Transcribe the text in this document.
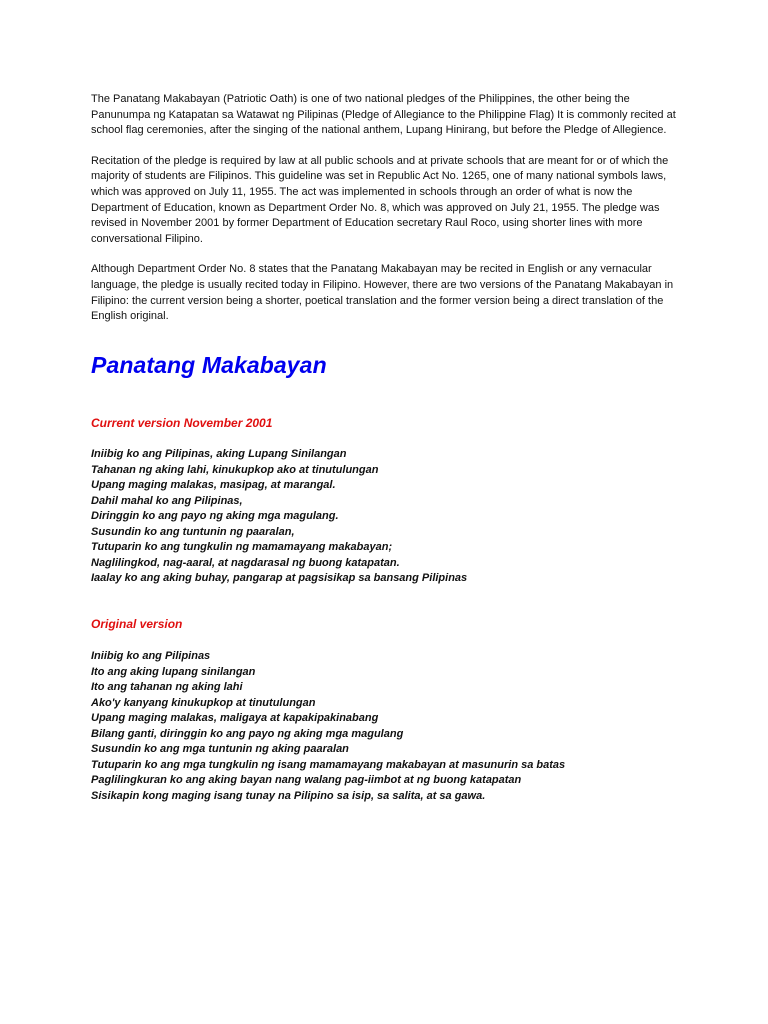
The Panatang Makabayan (Patriotic Oath) is one of two national pledges of the Philippines, the other being the Panunumpa ng Katapatan sa Watawat ng Pilipinas (Pledge of Allegiance to the Philippine Flag) It is commonly recited at school flag ceremonies, after the singing of the national anthem, Lupang Hinirang, but before the Pledge of Allegience.

Recitation of the pledge is required by law at all public schools and at private schools that are meant for or of which the majority of students are Filipinos. This guideline was set in Republic Act No. 1265, one of many national symbols laws, which was approved on July 11, 1955. The act was implemented in schools through an order of what is now the Department of Education, known as Department Order No. 8, which was approved on July 21, 1955. The pledge was revised in November 2001 by former Department of Education secretary Raul Roco, using shorter lines with more conversational Filipino.

Although Department Order No. 8 states that the Panatang Makabayan may be recited in English or any vernacular language, the pledge is usually recited today in Filipino. However, there are two versions of the Panatang Makabayan in Filipino: the current version being a shorter, poetical translation and the former version being a direct translation of the English original.

Panatang Makabayan
Current version November 2001
Iniibig ko ang Pilipinas, aking Lupang Sinilangan
Tahanan ng aking lahi, kinukupkop ako at tinutulungan
Upang maging malakas, masipag, at marangal.
Dahil mahal ko ang Pilipinas,
Diringgin ko ang payo ng aking mga magulang.
Susundin ko ang tuntunin ng paaralan,
Tutuparin ko ang tungkulin ng mamamayang makabayan;
Naglilingkod, nag-aaral, at nagdarasal ng buong katapatan.
Iaalay ko ang aking buhay, pangarap at pagsisikap sa bansang Pilipinas
Original version
Iniibig ko ang Pilipinas
Ito ang aking lupang sinilangan
Ito ang tahanan ng aking lahi
Ako'y kanyang kinukupkop at tinutulungan
Upang maging malakas, maligaya at kapakipakinabang
Bilang ganti, diringgin ko ang payo ng aking mga magulang
Susundin ko ang mga tuntunin ng aking paaralan
Tutuparin ko ang mga tungkulin ng isang mamamayang makabayan at masunurin sa batas
Paglilingkuran ko ang aking bayan nang walang pag-iimbot at ng buong katapatan
Sisikapin kong maging isang tunay na Pilipino sa isip, sa salita, at sa gawa.
